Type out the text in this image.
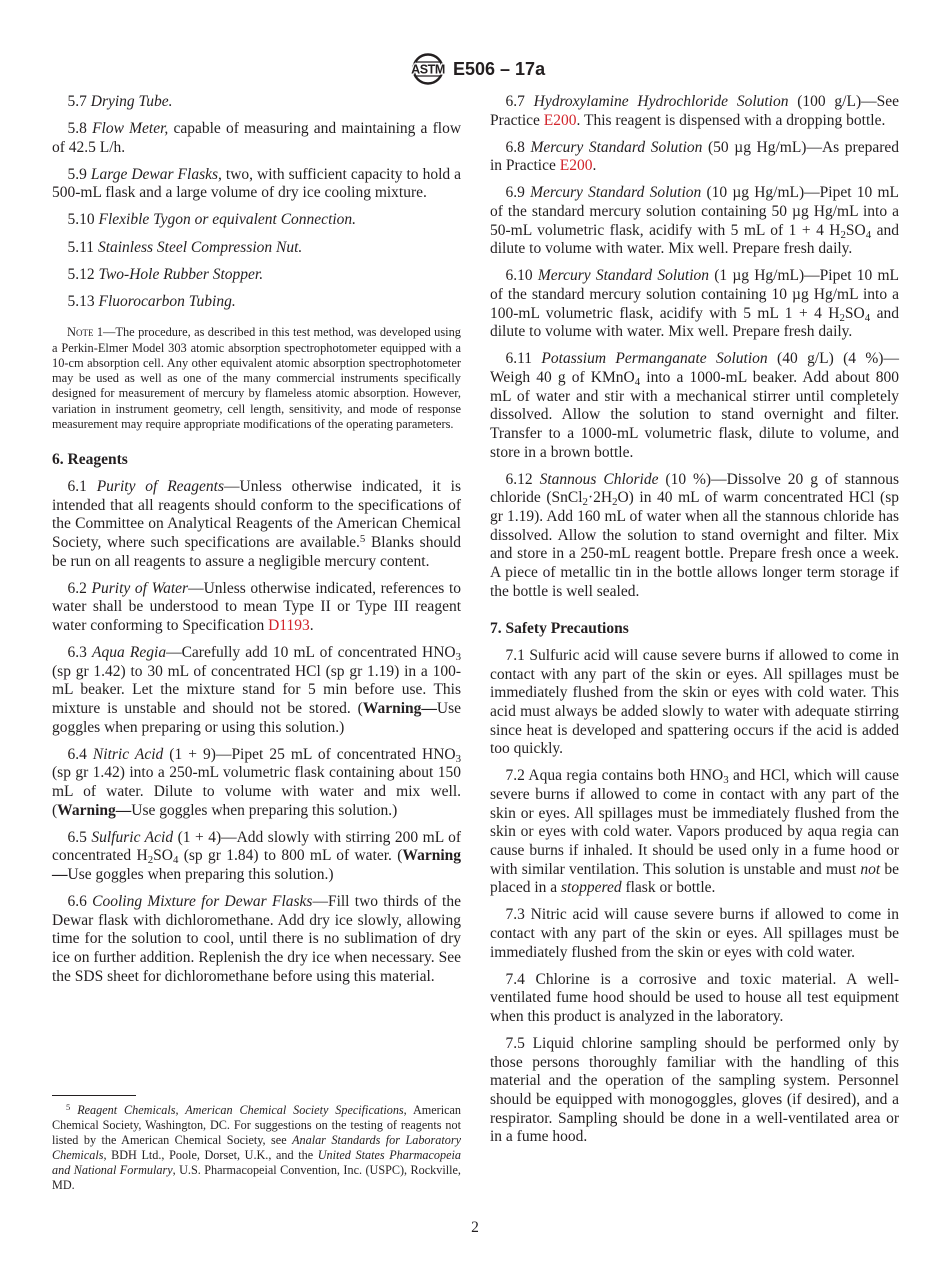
ASTM E506 – 17a

5.7 Drying Tube.

5.8 Flow Meter, capable of measuring and maintaining a flow of 42.5 L/h.

5.9 Large Dewar Flasks, two, with sufficient capacity to hold a 500-mL flask and a large volume of dry ice cooling mixture.

5.10 Flexible Tygon or equivalent Connection.

5.11 Stainless Steel Compression Nut.

5.12 Two-Hole Rubber Stopper.

5.13 Fluorocarbon Tubing.

Note 1—The procedure, as described in this test method, was developed using a Perkin-Elmer Model 303 atomic absorption spectrophotometer equipped with a 10-cm absorption cell. Any other equivalent atomic absorption spectrophotometer may be used as well as one of the many commercial instruments specifically designed for measurement of mercury by flameless atomic absorption. However, variation in instrument geometry, cell length, sensitivity, and mode of response measurement may require appropriate modifications of the operating parameters.

6. Reagents

6.1 Purity of Reagents—Unless otherwise indicated, it is intended that all reagents should conform to the specifications of the Committee on Analytical Reagents of the American Chemical Society, where such specifications are available.$^5$ Blanks should be run on all reagents to assure a negligible mercury content.

6.2 Purity of Water—Unless otherwise indicated, references to water shall be understood to mean Type II or Type III reagent water conforming to Specification D1193.

6.3 Aqua Regia—Carefully add 10 mL of concentrated HNO3 (sp gr 1.42) to 30 mL of concentrated HCl (sp gr 1.19) in a 100-mL beaker. Let the mixture stand for 5 min before use. This mixture is unstable and should not be stored. (Warning—Use goggles when preparing or using this solution.)

6.4 Nitric Acid (1 + 9)—Pipet 25 mL of concentrated HNO3 (sp gr 1.42) into a 250-mL volumetric flask containing about 150 mL of water. Dilute to volume with water and mix well. (Warning—Use goggles when preparing this solution.)

6.5 Sulfuric Acid (1 + 4)—Add slowly with stirring 200 mL of concentrated H2SO4 (sp gr 1.84) to 800 mL of water. (Warning—Use goggles when preparing this solution.)

6.6 Cooling Mixture for Dewar Flasks—Fill two thirds of the Dewar flask with dichloromethane. Add dry ice slowly, allowing time for the solution to cool, until there is no sublimation of dry ice on further addition. Replenish the dry ice when necessary. See the SDS sheet for dichloromethane before using this material.

6.7 Hydroxylamine Hydrochloride Solution (100 g/L)—See Practice E200. This reagent is dispensed with a dropping bottle.

6.8 Mercury Standard Solution (50 µg Hg/mL)—As prepared in Practice E200.

6.9 Mercury Standard Solution (10 µg Hg/mL)—Pipet 10 mL of the standard mercury solution containing 50 µg Hg/mL into a 50-mL volumetric flask, acidify with 5 mL of 1 + 4 H2SO4 and dilute to volume with water. Mix well. Prepare fresh daily.

6.10 Mercury Standard Solution (1 µg Hg/mL)—Pipet 10 mL of the standard mercury solution containing 10 µg Hg/mL into a 100-mL volumetric flask, acidify with 5 mL 1 + 4 H2SO4 and dilute to volume with water. Mix well. Prepare fresh daily.

6.11 Potassium Permanganate Solution (40 g/L) (4 %)—Weigh 40 g of KMnO4 into a 1000-mL beaker. Add about 800 mL of water and stir with a mechanical stirrer until completely dissolved. Allow the solution to stand overnight and filter. Transfer to a 1000-mL volumetric flask, dilute to volume, and store in a brown bottle.

6.12 Stannous Chloride (10 %)—Dissolve 20 g of stannous chloride (SnCl2·2H2O) in 40 mL of warm concentrated HCl (sp gr 1.19). Add 160 mL of water when all the stannous chloride has dissolved. Allow the solution to stand overnight and filter. Mix and store in a 250-mL reagent bottle. Prepare fresh once a week. A piece of metallic tin in the bottle allows longer term storage if the bottle is well sealed.

7. Safety Precautions

7.1 Sulfuric acid will cause severe burns if allowed to come in contact with any part of the skin or eyes. All spillages must be immediately flushed from the skin or eyes with cold water. This acid must always be added slowly to water with adequate stirring since heat is developed and spattering occurs if the acid is added too quickly.

7.2 Aqua regia contains both HNO3 and HCl, which will cause severe burns if allowed to come in contact with any part of the skin or eyes. All spillages must be immediately flushed from the skin or eyes with cold water. Vapors produced by aqua regia can cause burns if inhaled. It should be used only in a fume hood or with similar ventilation. This solution is unstable and must not be placed in a stoppered flask or bottle.

7.3 Nitric acid will cause severe burns if allowed to come in contact with any part of the skin or eyes. All spillages must be immediately flushed from the skin or eyes with cold water.

7.4 Chlorine is a corrosive and toxic material. A well-ventilated fume hood should be used to house all test equipment when this product is analyzed in the laboratory.

7.5 Liquid chlorine sampling should be performed only by those persons thoroughly familiar with the handling of this material and the operation of the sampling system. Personnel should be equipped with monogoggles, gloves (if desired), and a respirator. Sampling should be done in a well-ventilated area or in a fume hood.

$^5$ Reagent Chemicals, American Chemical Society Specifications, American Chemical Society, Washington, DC. For suggestions on the testing of reagents not listed by the American Chemical Society, see Analar Standards for Laboratory Chemicals, BDH Ltd., Poole, Dorset, U.K., and the United States Pharmacopeia and National Formulary, U.S. Pharmacopeial Convention, Inc. (USPC), Rockville, MD.

2
